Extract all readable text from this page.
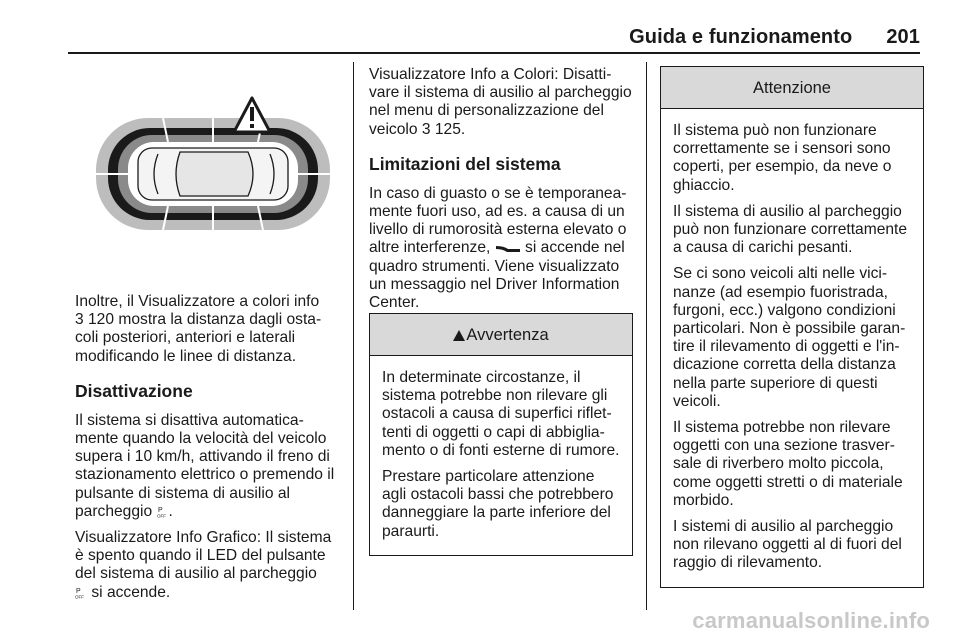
Guida e funzionamento 201

Inoltre, il Visualizzatore a colori info
3 120 mostra la distanza dagli osta-
coli posteriori, anteriori e laterali
modificando le linee di distanza.

Disattivazione

Il sistema si disattiva automatica-
mente quando la velocità del veicolo
supera i 10 km/h, attivando il freno di
stazionamento elettrico o premendo il
pulsante di sistema di ausilio al
parcheggio P
OFF .

Visualizzatore Info Grafico: Il sistema
è spento quando il LED del pulsante
del sistema di ausilio al parcheggio

P
OFF si accende.

Visualizzatore Info a Colori: Disatti-
vare il sistema di ausilio al parcheggio
nel menu di personalizzazione del
veicolo 3 125.

Limitazioni del sistema

In caso di guasto o se è temporanea-
mente fuori uso, ad es. a causa di un
livello di rumorosità esterna elevato o
altre interferenze, si accende nel
quadro strumenti. Viene visualizzato
un messaggio nel Driver Information
Center.

Avvertenza

In determinate circostanze, il
sistema potrebbe non rilevare gli
ostacoli a causa di superfici riflet-
tenti di oggetti o capi di abbiglia-
mento o di fonti esterne di rumore.

Prestare particolare attenzione
agli ostacoli bassi che potrebbero
danneggiare la parte inferiore del
paraurti.

Attenzione

Il sistema può non funzionare
correttamente se i sensori sono
coperti, per esempio, da neve o
ghiaccio.

Il sistema di ausilio al parcheggio
può non funzionare correttamente
a causa di carichi pesanti.

Se ci sono veicoli alti nelle vici-
nanze (ad esempio fuoristrada,
furgoni, ecc.) valgono condizioni
particolari. Non è possibile garan-
tire il rilevamento di oggetti e l'in-
dicazione corretta della distanza
nella parte superiore di questi
veicoli.

Il sistema potrebbe non rilevare
oggetti con una sezione trasver-
sale di riverbero molto piccola,
come oggetti stretti o di materiale
morbido.

I sistemi di ausilio al parcheggio
non rilevano oggetti al di fuori del
raggio di rilevamento.

carmanualsonline.info
